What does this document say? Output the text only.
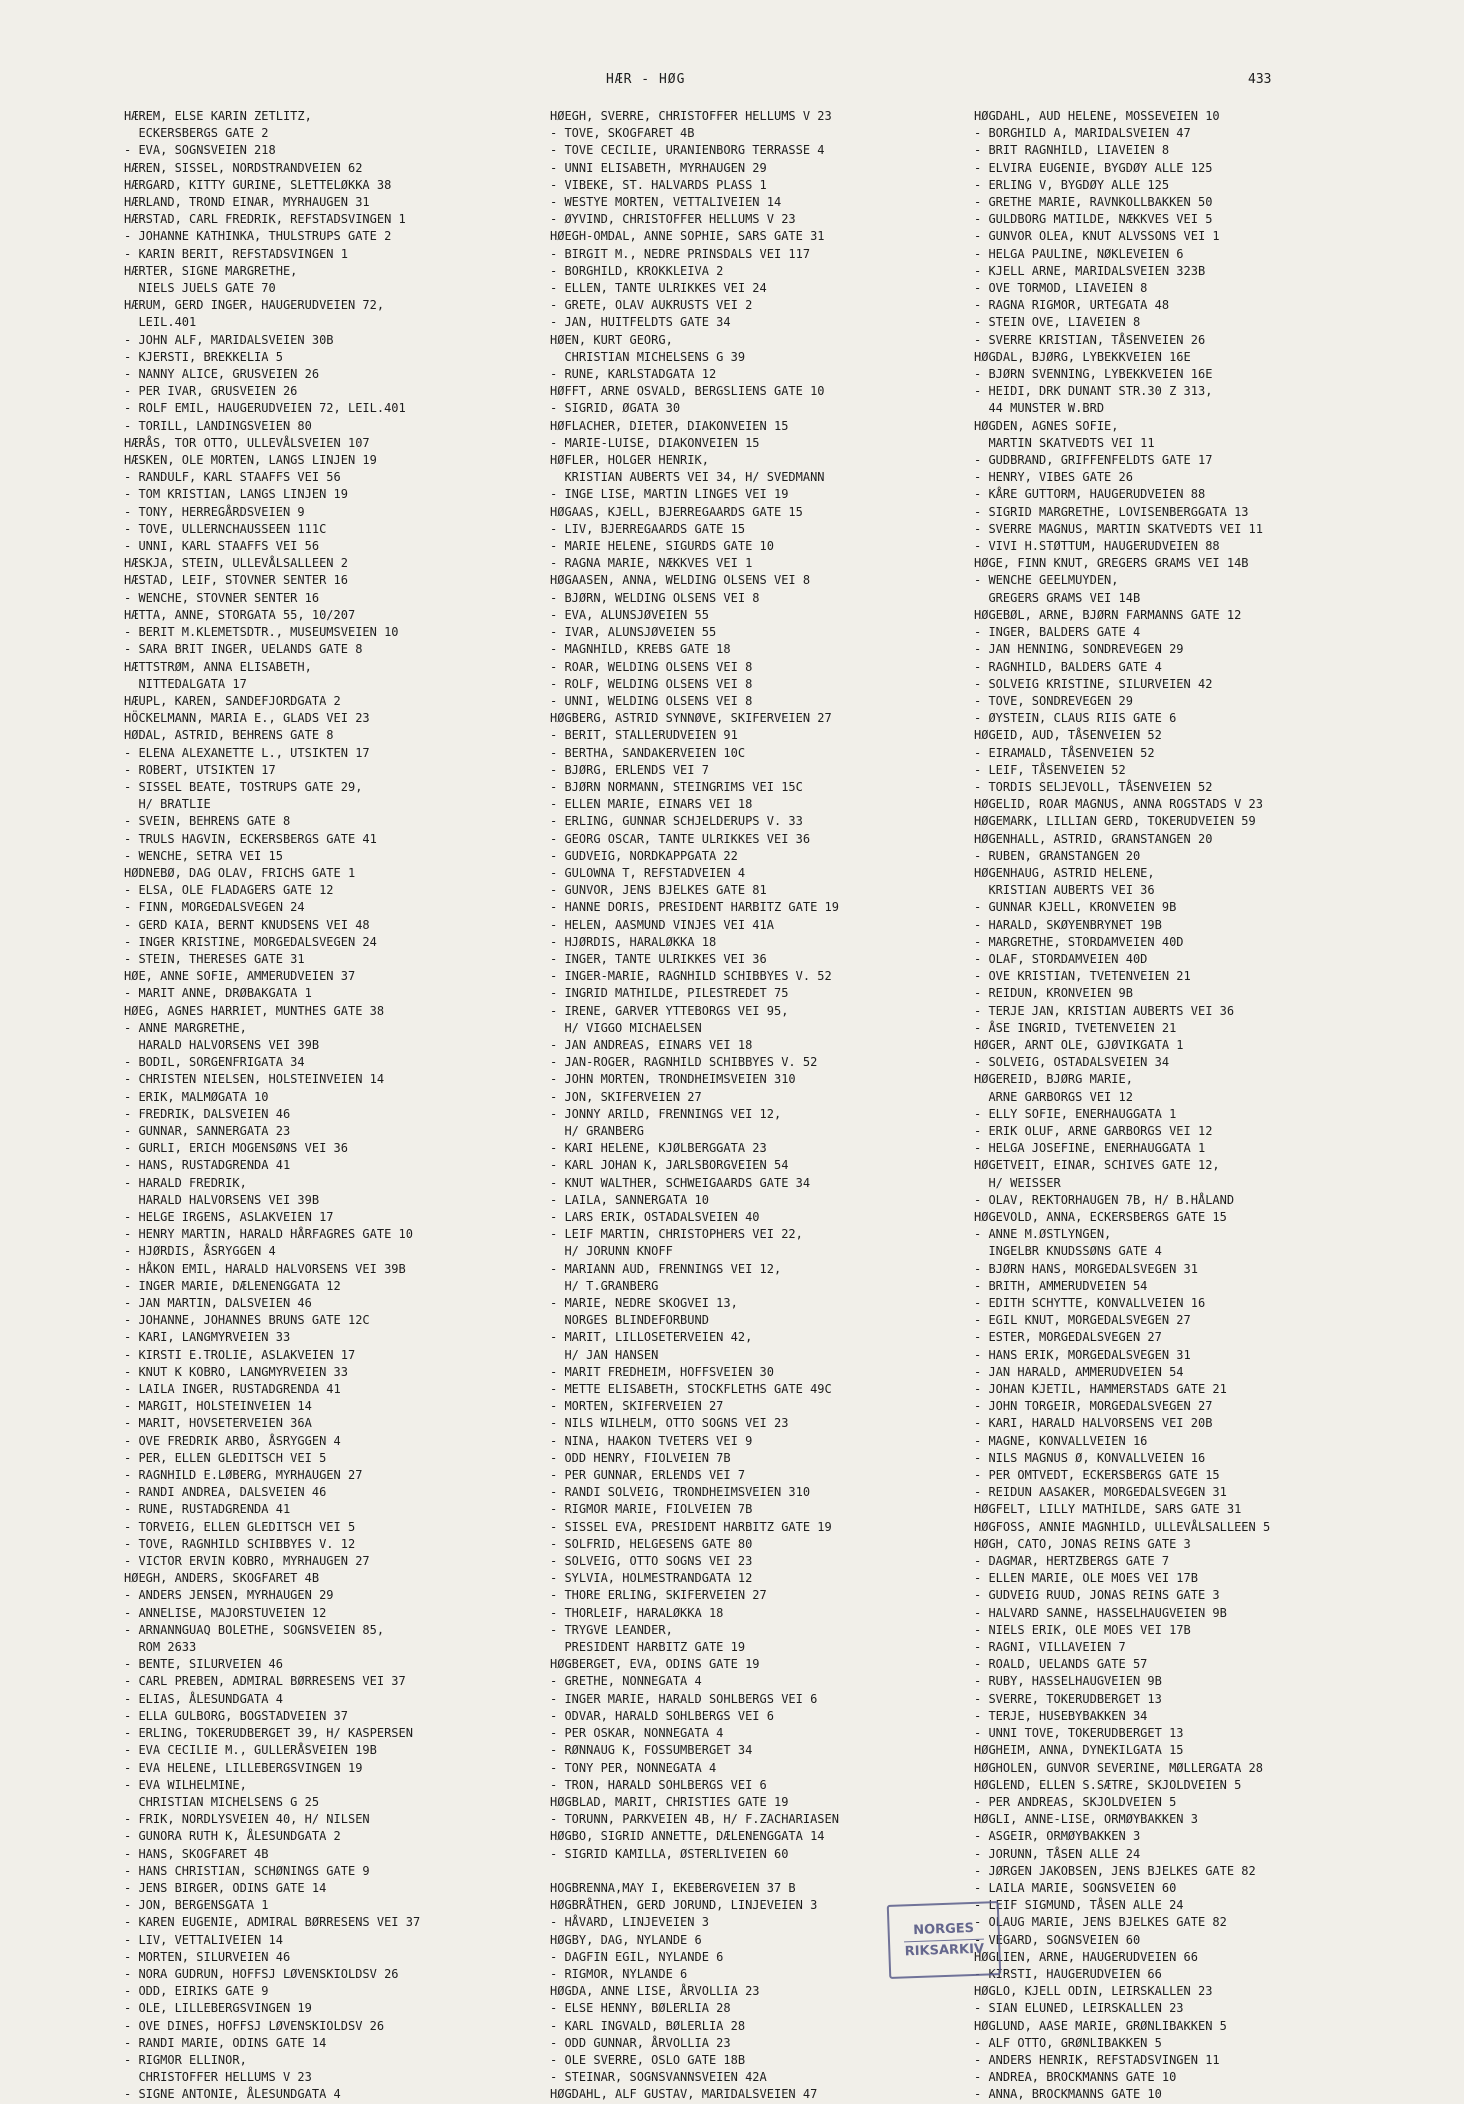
HÆR - HØG	433
HÆREM, ELSE KARIN ZETLITZ,
ECKERSBERGS GATE 2
- EVA, SOGNSVEIEN 218
HÆREN, SISSEL, NORDSTRANDVEIEN 62
HÆRGARD, KITTY GURINE, SLETTELØKKA 38
HÆRLAND, TROND EINAR, MYRHAUGEN 31
HÆRSTAD, CARL FREDRIK, REFSTADSVINGEN 1
- JOHANNE KATHINKA, THULSTRUPS GATE 2
- KARIN BERIT, REFSTADSVINGEN 1
HÆRTER, SIGNE MARGRETHE,
NIELS JUELS GATE 70
HÆRUM, GERD INGER, HAUGERUDVEIEN 72,
LEIL.401
- JOHN ALF, MARIDALSVEIEN 30B
- KJERSTI, BREKKELIA 5
- NANNY ALICE, GRUSVEIEN 26
- PER IVAR, GRUSVEIEN 26
- ROLF EMIL, HAUGERUDVEIEN 72, LEIL.401
- TORILL, LANDINGSVEIEN 80
HÆRÅS, TOR OTTO, ULLEVÅLSVEIEN 107
HÆSKEN, OLE MORTEN, LANGS LINJEN 19
- RANDULF, KARL STAAFFS VEI 56
- TOM KRISTIAN, LANGS LINJEN 19
- TONY, HERREGÅRDSVEIEN 9
- TOVE, ULLERNCHAUSSEEN 111C
- UNNI, KARL STAAFFS VEI 56
HÆSKJA, STEIN, ULLEVÅLSALLEEN 2
HÆSTAD, LEIF, STOVNER SENTER 16
- WENCHE, STOVNER SENTER 16
HÆTTA, ANNE, STORGATA 55, 10/207
- BERIT M.KLEMETSDTR., MUSEUMSVEIEN 10
- SARA BRIT INGER, UELANDS GATE 8
HÆTTSTRØM, ANNA ELISABETH,
NITTEDALGATA 17
HÆUPL, KAREN, SANDEFJORDGATA 2
HÖCKELMANN, MARIA E., GLADS VEI 23
HØDAL, ASTRID, BEHRENS GATE 8
- ELENA ALEXANETTE L., UTSIKTEN 17
- ROBERT, UTSIKTEN 17
- SISSEL BEATE, TOSTRUPS GATE 29,
H/ BRATLIE
- SVEIN, BEHRENS GATE 8
- TRULS HAGVIN, ECKERSBERGS GATE 41
- WENCHE, SETRA VEI 15
HØDNEBØ, DAG OLAV, FRICHS GATE 1
- ELSA, OLE FLADAGERS GATE 12
- FINN, MORGEDALSVEGEN 24
- GERD KAIA, BERNT KNUDSENS VEI 48
- INGER KRISTINE, MORGEDALSVEGEN 24
- STEIN, THERESES GATE 31
HØE, ANNE SOFIE, AMMERUDVEIEN 37
- MARIT ANNE, DRØBAKGATA 1
HØEG, AGNES HARRIET, MUNTHES GATE 38
- ANNE MARGRETHE,
HARALD HALVORSENS VEI 39B
- BODIL, SORGENFRIGATA 34
- CHRISTEN NIELSEN, HOLSTEINVEIEN 14
- ERIK, MALMØGATA 10
- FREDRIK, DALSVEIEN 46
- GUNNAR, SANNERGATA 23
- GURLI, ERICH MOGENSØNS VEI 36
- HANS, RUSTADGRENDA 41
- HARALD FREDRIK,
HARALD HALVORSENS VEI 39B
- HELGE IRGENS, ASLAKVEIEN 17
- HENRY MARTIN, HARALD HÅRFAGRES GATE 10
- HJØRDIS, ÅSRYGGEN 4
- HÅKON EMIL, HARALD HALVORSENS VEI 39B
- INGER MARIE, DÆLENENGGATA 12
- JAN MARTIN, DALSVEIEN 46
- JOHANNE, JOHANNES BRUNS GATE 12C
- KARI, LANGMYRVEIEN 33
- KIRSTI E.TROLIE, ASLAKVEIEN 17
- KNUT K KOBRO, LANGMYRVEIEN 33
- LAILA INGER, RUSTADGRENDA 41
- MARGIT, HOLSTEINVEIEN 14
- MARIT, HOVSETERVEIEN 36A
- OVE FREDRIK ARBO, ÅSRYGGEN 4
- PER, ELLEN GLEDITSCH VEI 5
- RAGNHILD E.LØBERG, MYRHAUGEN 27
- RANDI ANDREA, DALSVEIEN 46
- RUNE, RUSTADGRENDA 41
- TORVEIG, ELLEN GLEDITSCH VEI 5
- TOVE, RAGNHILD SCHIBBYES V. 12
- VICTOR ERVIN KOBRO, MYRHAUGEN 27
HØEGH, ANDERS, SKOGFARET 4B
- ANDERS JENSEN, MYRHAUGEN 29
- ANNELISE, MAJORSTUVEIEN 12
- ARNANNGUAQ BOLETHE, SOGNSVEIEN 85,
ROM 2633
- BENTE, SILURVEIEN 46
- CARL PREBEN, ADMIRAL BØRRESENS VEI 37
- ELIAS, ÅLESUNDGATA 4
- ELLA GULBORG, BOGSTADVEIEN 37
- ERLING, TOKERUDBERGET 39, H/ KASPERSEN
- EVA CECILIE M., GULLERÅSVEIEN 19B
- EVA HELENE, LILLEBERGSVINGEN 19
- EVA WILHELMINE,
CHRISTIAN MICHELSENS G 25
- FRIK, NORDLYSVEIEN 40, H/ NILSEN
- GUNORA RUTH K, ÅLESUNDGATA 2
- HANS, SKOGFARET 4B
- HANS CHRISTIAN, SCHØNINGS GATE 9
- JENS BIRGER, ODINS GATE 14
- JON, BERGENSGATA 1
- KAREN EUGENIE, ADMIRAL BØRRESENS VEI 37
- LIV, VETTALIVEIEN 14
- MORTEN, SILURVEIEN 46
- NORA GUDRUN, HOFFSJ LØVENSKIOLDSV 26
- ODD, EIRIKS GATE 9
- OLE, LILLEBERGSVINGEN 19
- OVE DINES, HOFFSJ LØVENSKIOLDSV 26
- RANDI MARIE, ODINS GATE 14
- RIGMOR ELLINOR,
CHRISTOFFER HELLUMS V 23
- SIGNE ANTONIE, ÅLESUNDGATA 4
HØEGH, SVERRE, CHRISTOFFER HELLUMS V 23
- TOVE, SKOGFARET 4B
- TOVE CECILIE, URANIENBORG TERRASSE 4
- UNNI ELISABETH, MYRHAUGEN 29
- VIBEKE, ST. HALVARDS PLASS 1
- WESTYE MORTEN, VETTALIVEIEN 14
- ØYVIND, CHRISTOFFER HELLUMS V 23
HØEGH-OMDAL, ANNE SOPHIE, SARS GATE 31
- BIRGIT M., NEDRE PRINSDALS VEI 117
- BORGHILD, KROKKLEIVA 2
- ELLEN, TANTE ULRIKKES VEI 24
- GRETE, OLAV AUKRUSTS VEI 2
- JAN, HUITFELDTS GATE 34
HØEN, KURT GEORG,
CHRISTIAN MICHELSENS G 39
- RUNE, KARLSTADGATA 12
HØFFT, ARNE OSVALD, BERGSLIENS GATE 10
- SIGRID, ØGATA 30
HØFLACHER, DIETER, DIAKONVEIEN 15
- MARIE-LUISE, DIAKONVEIEN 15
HØFLER, HOLGER HENRIK,
KRISTIAN AUBERTS VEI 34, H/ SVEDMANN
- INGE LISE, MARTIN LINGES VEI 19
HØGAAS, KJELL, BJERREGAARDS GATE 15
- LIV, BJERREGAARDS GATE 15
- MARIE HELENE, SIGURDS GATE 10
- RAGNA MARIE, NÆKKVES VEI 1
HØGAASEN, ANNA, WELDING OLSENS VEI 8
- BJØRN, WELDING OLSENS VEI 8
- EVA, ALUNSJØVEIEN 55
- IVAR, ALUNSJØVEIEN 55
- MAGNHILD, KREBS GATE 18
- ROAR, WELDING OLSENS VEI 8
- ROLF, WELDING OLSENS VEI 8
- UNNI, WELDING OLSENS VEI 8
HØGBERG, ASTRID SYNNØVE, SKIFERVEIEN 27
- BERIT, STALLERUDVEIEN 91
- BERTHA, SANDAKERVEIEN 10C
- BJØRG, ERLENDS VEI 7
- BJØRN NORMANN, STEINGRIMS VEI 15C
- ELLEN MARIE, EINARS VEI 18
- ERLING, GUNNAR SCHJELDERUPS V. 33
- GEORG OSCAR, TANTE ULRIKKES VEI 36
- GUDVEIG, NORDKAPPGATA 22
- GULOWNA T, REFSTADVEIEN 4
- GUNVOR, JENS BJELKES GATE 81
- HANNE DORIS, PRESIDENT HARBITZ GATE 19
- HELEN, AASMUND VINJES VEI 41A
- HJØRDIS, HARALØKKA 18
- INGER, TANTE ULRIKKES VEI 36
- INGER-MARIE, RAGNHILD SCHIBBYES V. 52
- INGRID MATHILDE, PILESTREDET 75
- IRENE, GARVER YTTEBORGS VEI 95,
H/ VIGGO MICHAELSEN
- JAN ANDREAS, EINARS VEI 18
- JAN-ROGER, RAGNHILD SCHIBBYES V. 52
- JOHN MORTEN, TRONDHEIMSVEIEN 310
- JON, SKIFERVEIEN 27
- JONNY ARILD, FRENNINGS VEI 12,
H/ GRANBERG
- KARI HELENE, KJØLBERGGATA 23
- KARL JOHAN K, JARLSBORGVEIEN 54
- KNUT WALTHER, SCHWEIGAARDS GATE 34
- LAILA, SANNERGATA 10
- LARS ERIK, OSTADALSVEIEN 40
- LEIF MARTIN, CHRISTOPHERS VEI 22,
H/ JORUNN KNOFF
- MARIANN AUD, FRENNINGS VEI 12,
H/ T.GRANBERG
- MARIE, NEDRE SKOGVEI 13,
NORGES BLINDEFORBUND
- MARIT, LILLOSETERVEIEN 42,
H/ JAN HANSEN
- MARIT FREDHEIM, HOFFSVEIEN 30
- METTE ELISABETH, STOCKFLETHS GATE 49C
- MORTEN, SKIFERVEIEN 27
- NILS WILHELM, OTTO SOGNS VEI 23
- NINA, HAAKON TVETERS VEI 9
- ODD HENRY, FIOLVEIEN 7B
- PER GUNNAR, ERLENDS VEI 7
- RANDI SOLVEIG, TRONDHEIMSVEIEN 310
- RIGMOR MARIE, FIOLVEIEN 7B
- SISSEL EVA, PRESIDENT HARBITZ GATE 19
- SOLFRID, HELGESENS GATE 80
- SOLVEIG, OTTO SOGNS VEI 23
- SYLVIA, HOLMESTRANDGATA 12
- THORE ERLING, SKIFERVEIEN 27
- THORLEIF, HARALØKKA 18
- TRYGVE LEANDER,
PRESIDENT HARBITZ GATE 19
HØGBERGET, EVA, ODINS GATE 19
- GRETHE, NONNEGATA 4
- INGER MARIE, HARALD SOHLBERGS VEI 6
- ODVAR, HARALD SOHLBERGS VEI 6
- PER OSKAR, NONNEGATA 4
- RØNNAUG K, FOSSUMBERGET 34
- TONY PER, NONNEGATA 4
- TRON, HARALD SOHLBERGS VEI 6
HØGBLAD, MARIT, CHRISTIES GATE 19
- TORUNN, PARKVEIEN 4B, H/ F.ZACHARIASEN
HØGBO, SIGRID ANNETTE, DÆLENENGGATA 14
- SIGRID KAMILLA, ØSTERLIVEIEN 60

HOGBRENNA,MAY I, EKEBERGVEIEN 37 B
HØGBRÅTHEN, GERD JORUND, LINJEVEIEN 3
- HÅVARD, LINJEVEIEN 3
HØGBY, DAG, NYLANDE 6
- DAGFIN EGIL, NYLANDE 6
- RIGMOR, NYLANDE 6
HØGDA, ANNE LISE, ÅRVOLLIA 23
- ELSE HENNY, BØLERLIA 28
- KARL INGVALD, BØLERLIA 28
- ODD GUNNAR, ÅRVOLLIA 23
- OLE SVERRE, OSLO GATE 18B
- STEINAR, SOGNSVANNSVEIEN 42A
HØGDAHL, ALF GUSTAV, MARIDALSVEIEN 47
HØGDAHL, AUD HELENE, MOSSEVEIEN 10
- BORGHILD A, MARIDALSVEIEN 47
- BRIT RAGNHILD, LIAVEIEN 8
- ELVIRA EUGENIE, BYGDØY ALLE 125
- ERLING V, BYGDØY ALLE 125
- GRETHE MARIE, RAVNKOLLBAKKEN 50
- GULDBORG MATILDE, NÆKKVES VEI 5
- GUNVOR OLEA, KNUT ALVSSONS VEI 1
- HELGA PAULINE, NØKLEVEIEN 6
- KJELL ARNE, MARIDALSVEIEN 323B
- OVE TORMOD, LIAVEIEN 8
- RAGNA RIGMOR, URTEGATA 48
- STEIN OVE, LIAVEIEN 8
- SVERRE KRISTIAN, TÅSENVEIEN 26
HØGDAL, BJØRG, LYBEKKVEIEN 16E
- BJØRN SVENNING, LYBEKKVEIEN 16E
- HEIDI, DRK DUNANT STR.30 Z 313,
44 MUNSTER W.BRD
HØGDEN, AGNES SOFIE,
MARTIN SKATVEDTS VEI 11
- GUDBRAND, GRIFFENFELDTS GATE 17
- HENRY, VIBES GATE 26
- KÅRE GUTTORM, HAUGERUDVEIEN 88
- SIGRID MARGRETHE, LOVISENBERGGATA 13
- SVERRE MAGNUS, MARTIN SKATVEDTS VEI 11
- VIVI H.STØTTUM, HAUGERUDVEIEN 88
HØGE, FINN KNUT, GREGERS GRAMS VEI 14B
- WENCHE GEELMUYDEN,
GREGERS GRAMS VEI 14B
HØGEBØL, ARNE, BJØRN FARMANNS GATE 12
- INGER, BALDERS GATE 4
- JAN HENNING, SONDREVEGEN 29
- RAGNHILD, BALDERS GATE 4
- SOLVEIG KRISTINE, SILURVEIEN 42
- TOVE, SONDREVEGEN 29
- ØYSTEIN, CLAUS RIIS GATE 6
HØGEID, AUD, TÅSENVEIEN 52
- EIRAMALD, TÅSENVEIEN 52
- LEIF, TÅSENVEIEN 52
- TORDIS SELJEVOLL, TÅSENVEIEN 52
HØGELID, ROAR MAGNUS, ANNA ROGSTADS V 23
HØGEMARK, LILLIAN GERD, TOKERUDVEIEN 59
HØGENHALL, ASTRID, GRANSTANGEN 20
- RUBEN, GRANSTANGEN 20
HØGENHAUG, ASTRID HELENE,
KRISTIAN AUBERTS VEI 36
- GUNNAR KJELL, KRONVEIEN 9B
- HARALD, SKØYENBRYNET 19B
- MARGRETHE, STORDAMVEIEN 40D
- OLAF, STORDAMVEIEN 40D
- OVE KRISTIAN, TVETENVEIEN 21
- REIDUN, KRONVEIEN 9B
- TERJE JAN, KRISTIAN AUBERTS VEI 36
- ÅSE INGRID, TVETENVEIEN 21
HØGER, ARNT OLE, GJØVIKGATA 1
- SOLVEIG, OSTADALSVEIEN 34
HØGEREID, BJØRG MARIE,
ARNE GARBORGS VEI 12
- ELLY SOFIE, ENERHAUGGATA 1
- ERIK OLUF, ARNE GARBORGS VEI 12
- HELGA JOSEFINE, ENERHAUGGATA 1
HØGETVEIT, EINAR, SCHIVES GATE 12,
H/ WEISSER
- OLAV, REKTORHAUGEN 7B, H/ B.HÅLAND
HØGEVOLD, ANNA, ECKERSBERGS GATE 15
- ANNE M.ØSTLYNGEN,
INGELBR KNUDSSØNS GATE 4
- BJØRN HANS, MORGEDALSVEGEN 31
- BRITH, AMMERUDVEIEN 54
- EDITH SCHYTTE, KONVALLVEIEN 16
- EGIL KNUT, MORGEDALSVEGEN 27
- ESTER, MORGEDALSVEGEN 27
- HANS ERIK, MORGEDALSVEGEN 31
- JAN HARALD, AMMERUDVEIEN 54
- JOHAN KJETIL, HAMMERSTADS GATE 21
- JOHN TORGEIR, MORGEDALSVEGEN 27
- KARI, HARALD HALVORSENS VEI 20B
- MAGNE, KONVALLVEIEN 16
- NILS MAGNUS Ø, KONVALLVEIEN 16
- PER OMTVEDT, ECKERSBERGS GATE 15
- REIDUN AASAKER, MORGEDALSVEGEN 31
HØGFELT, LILLY MATHILDE, SARS GATE 31
HØGFOSS, ANNIE MAGNHILD, ULLEVÅLSALLEEN 5
HØGH, CATO, JONAS REINS GATE 3
- DAGMAR, HERTZBERGS GATE 7
- ELLEN MARIE, OLE MOES VEI 17B
- GUDVEIG RUUD, JONAS REINS GATE 3
- HALVARD SANNE, HASSELHAUGVEIEN 9B
- NIELS ERIK, OLE MOES VEI 17B
- RAGNI, VILLAVEIEN 7
- ROALD, UELANDS GATE 57
- RUBY, HASSELHAUGVEIEN 9B
- SVERRE, TOKERUDBERGET 13
- TERJE, HUSEBYBAKKEN 34
- UNNI TOVE, TOKERUDBERGET 13
HØGHEIM, ANNA, DYNEKILGATA 15
HØGHOLEN, GUNVOR SEVERINE, MØLLERGATA 28
HØGLEND, ELLEN S.SÆTRE, SKJOLDVEIEN 5
- PER ANDREAS, SKJOLDVEIEN 5
HØGLI, ANNE-LISE, ORMØYBAKKEN 3
- ASGEIR, ORMØYBAKKEN 3
- JORUNN, TÅSEN ALLE 24
- JØRGEN JAKOBSEN, JENS BJELKES GATE 82
- LAILA MARIE, SOGNSVEIEN 60
- LEIF SIGMUND, TÅSEN ALLE 24
- OLAUG MARIE, JENS BJELKES GATE 82
- VEGARD, SOGNSVEIEN 60
HØGLIEN, ARNE, HAUGERUDVEIEN 66
- KIRSTI, HAUGERUDVEIEN 66
HØGLO, KJELL ODIN, LEIRSKALLEN 23
- SIAN ELUNED, LEIRSKALLEN 23
HØGLUND, AASE MARIE, GRØNLIBAKKEN 5
- ALF OTTO, GRØNLIBAKKEN 5
- ANDERS HENRIK, REFSTADSVINGEN 11
- ANDREA, BROCKMANNS GATE 10
- ANNA, BROCKMANNS GATE 10
NORGES
RIKSARKIV
